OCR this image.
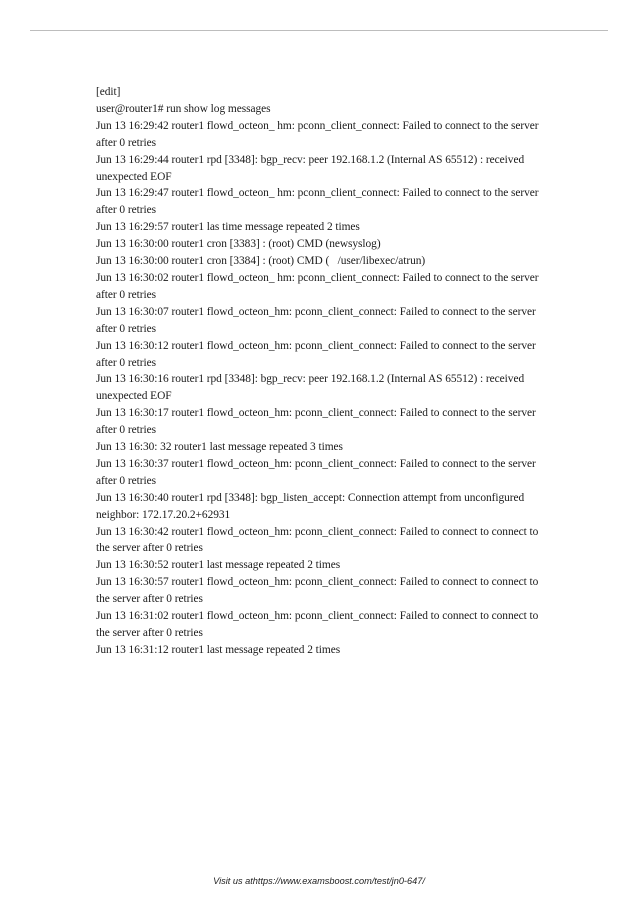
[edit]
user@router1# run show log messages
Jun 13 16:29:42 router1 flowd_octeon_ hm: pconn_client_connect: Failed to connect to the server
after 0 retries
Jun 13 16:29:44 router1 rpd [3348]: bgp_recv: peer 192.168.1.2 (Internal AS 65512) : received
unexpected EOF
Jun 13 16:29:47 router1 flowd_octeon_ hm: pconn_client_connect: Failed to connect to the server
after 0 retries
Jun 13 16:29:57 router1 las time message repeated 2 times
Jun 13 16:30:00 router1 cron [3383] : (root) CMD (newsyslog)
Jun 13 16:30:00 router1 cron [3384] : (root) CMD (   /user/libexec/atrun)
Jun 13 16:30:02 router1 flowd_octeon_ hm: pconn_client_connect: Failed to connect to the server
after 0 retries
Jun 13 16:30:07 router1 flowd_octeon_hm: pconn_client_connect: Failed to connect to the server
after 0 retries
Jun 13 16:30:12 router1 flowd_octeon_hm: pconn_client_connect: Failed to connect to the server
after 0 retries
Jun 13 16:30:16 router1 rpd [3348]: bgp_recv: peer 192.168.1.2 (Internal AS 65512) : received
unexpected EOF
Jun 13 16:30:17 router1 flowd_octeon_hm: pconn_client_connect: Failed to connect to the server
after 0 retries
Jun 13 16:30: 32 router1 last message repeated 3 times
Jun 13 16:30:37 router1 flowd_octeon_hm: pconn_client_connect: Failed to connect to the server
after 0 retries
Jun 13 16:30:40 router1 rpd [3348]: bgp_listen_accept: Connection attempt from unconfigured
neighbor: 172.17.20.2+62931
Jun 13 16:30:42 router1 flowd_octeon_hm: pconn_client_connect: Failed to connect to connect to
the server after 0 retries
Jun 13 16:30:52 router1 last message repeated 2 times
Jun 13 16:30:57 router1 flowd_octeon_hm: pconn_client_connect: Failed to connect to connect to
the server after 0 retries
Jun 13 16:31:02 router1 flowd_octeon_hm: pconn_client_connect: Failed to connect to connect to
the server after 0 retries
Jun 13 16:31:12 router1 last message repeated 2 times
Visit us athttps://www.examsboost.com/test/jn0-647/
